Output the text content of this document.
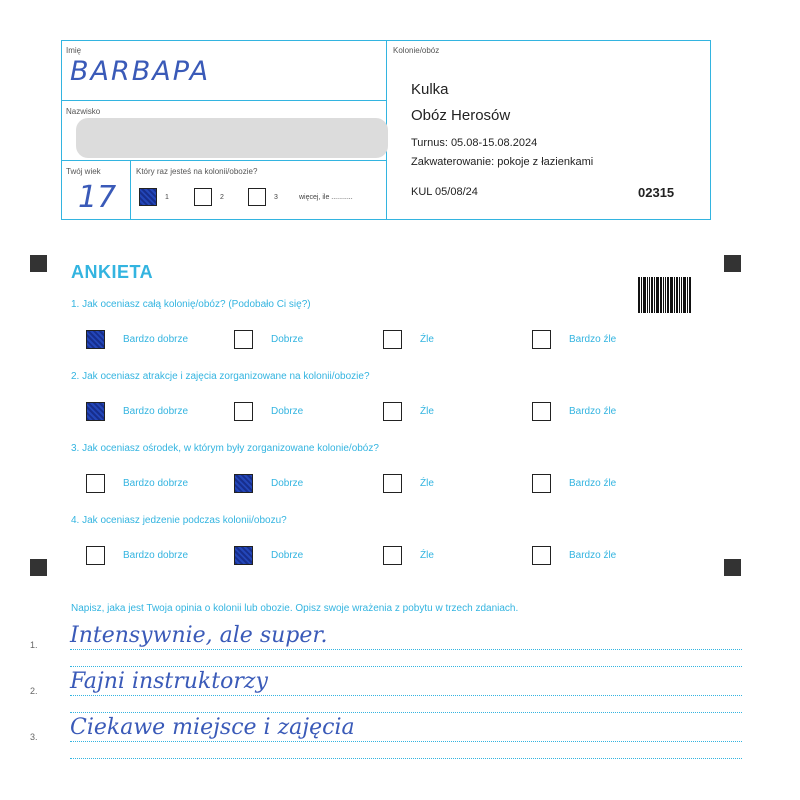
Imię
BARBAPA
Nazwisko
Twój wiek
17
Który raz jesteś na kolonii/obozie?
1	2	3	więcej, ile ...........
Kolonie/obóz
Kulka
Obóz Herosów
Turnus: 05.08-15.08.2024
Zakwaterowanie: pokoje z łazienkami
KUL 05/08/24	02315
ANKIETA
1. Jak oceniasz całą kolonię/obóz? (Podobało Ci się?)
Bardzo dobrze	Dobrze	Źle	Bardzo źle
2. Jak oceniasz atrakcje i zajęcia zorganizowane na kolonii/obozie?
Bardzo dobrze	Dobrze	Źle	Bardzo źle
3. Jak oceniasz ośrodek, w którym były zorganizowane kolonie/obóz?
Bardzo dobrze	Dobrze	Źle	Bardzo źle
4. Jak oceniasz jedzenie podczas kolonii/obozu?
Bardzo dobrze	Dobrze	Źle	Bardzo źle
Napisz, jaka jest Twoja opinia o kolonii lub obozie. Opisz swoje wrażenia z pobytu w trzech zdaniach.
1. Intensywnie, ale super.
2. Fajni instruktorzy
3. Ciekawe miejsce i zajęcia
